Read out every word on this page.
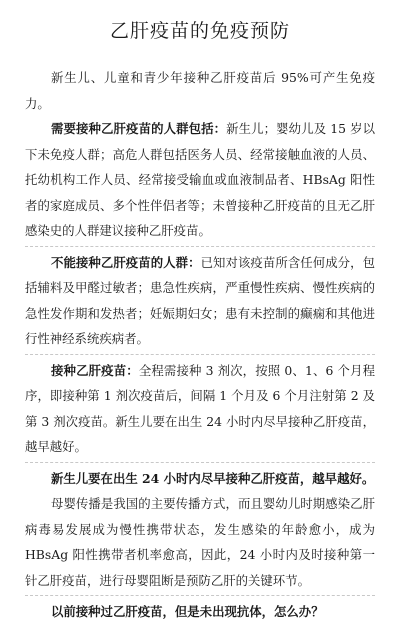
乙肝疫苗的免疫预防

新生儿、儿童和青少年接种乙肝疫苗后 95%可产生免疫力。

需要接种乙肝疫苗的人群包括：新生儿；婴幼儿及 15 岁以下未免疫人群；高危人群包括医务人员、经常接触血液的人员、托幼机构工作人员、经常接受输血或血液制品者、HBsAg 阳性者的家庭成员、多个性伴侣者等；未曾接种乙肝疫苗的且无乙肝感染史的人群建议接种乙肝疫苗。

不能接种乙肝疫苗的人群：已知对该疫苗所含任何成分，包括辅料及甲醛过敏者；患急性疾病，严重慢性疾病、慢性疾病的急性发作期和发热者；妊娠期妇女；患有未控制的癫痫和其他进行性神经系统疾病者。

接种乙肝疫苗：全程需接种 3 剂次，按照 0、1、6 个月程序，即接种第 1 剂次疫苗后，间隔 1 个月及 6 个月注射第 2 及第 3 剂次疫苗。新生儿要在出生 24 小时内尽早接种乙肝疫苗，越早越好。

新生儿要在出生 24 小时内尽早接种乙肝疫苗，越早越好。

母婴传播是我国的主要传播方式，而且婴幼儿时期感染乙肝病毒易发展成为慢性携带状态，发生感染的年龄愈小，成为 HBsAg 阳性携带者机率愈高，因此，24 小时内及时接种第一针乙肝疫苗，进行母婴阻断是预防乙肝的关键环节。

以前接种过乙肝疫苗，但是未出现抗体，怎么办？
